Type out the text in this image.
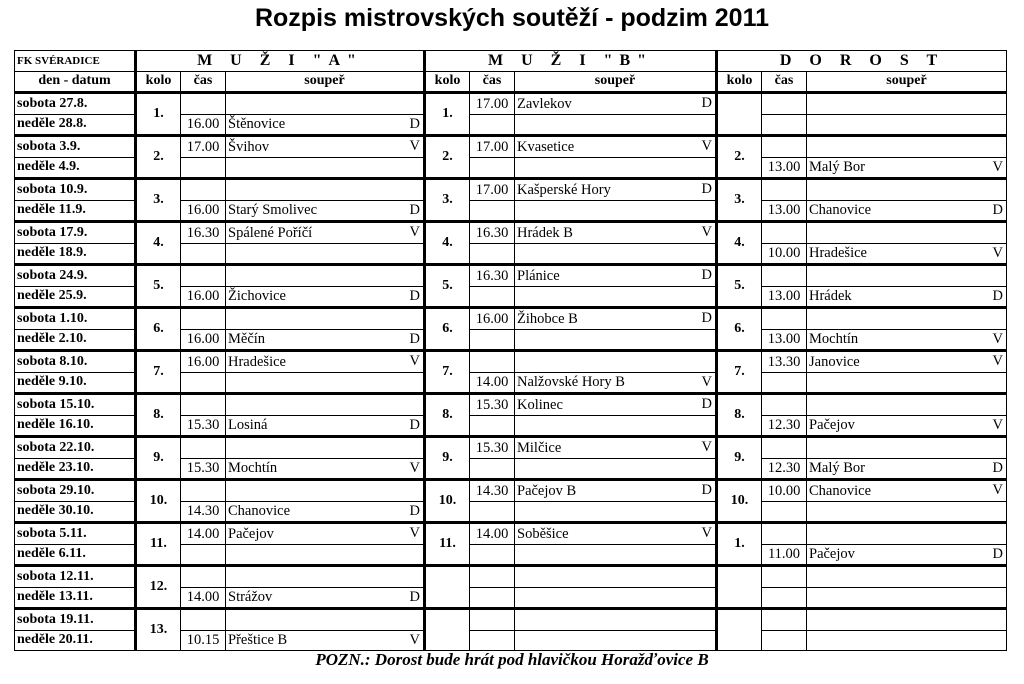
Rozpis mistrovských soutěží - podzim 2011
FK SVÉRADICE	M U Ž I "A"			M U Ž I "B"			D O R O S T		
den - datum	kolo	čas	soupeř	kolo	čas	soupeř	kolo	čas	soupeř
sobota 27.8.	1.			1.	17.00	Zavlekov D			

neděle 28.8.		16.00	Štěnovice D						

sobota 3.9.	2.	17.00	Švihov V	2.	17.00	Kvasetice V	2.		

neděle 4.9.								13.00	Malý Bor V

sobota 10.9.	3.			3.	17.00	Kašperské Hory D	3.		

neděle 11.9.		16.00	Starý Smolivec D					13.00	Chanovice D

sobota 17.9.	4.	16.30	Spálené Poříčí V	4.	16.30	Hrádek B V	4.		

neděle 18.9.								10.00	Hradešice V

sobota 24.9.	5.			5.	16.30	Plánice D	5.		

neděle 25.9.		16.00	Žichovice D					13.00	Hrádek D

sobota 1.10.	6.			6.	16.00	Žihobce B D	6.		

neděle 2.10.		16.00	Měčín D					13.00	Mochtín V

sobota 8.10.	7.	16.00	Hradešice V	7.			7.	13.30	Janovice V

neděle 9.10.					14.00	Nalžovské Hory B V			

sobota 15.10.	8.			8.	15.30	Kolinec D	8.		

neděle 16.10.		15.30	Losiná D					12.30	Pačejov V

sobota 22.10.	9.			9.	15.30	Milčice V	9.		

neděle 23.10.		15.30	Mochtín V					12.30	Malý Bor D

sobota 29.10.	10.			10.	14.30	Pačejov B D	10.	10.00	Chanovice V

neděle 30.10.		14.30	Chanovice D						

sobota 5.11.	11.	14.00	Pačejov V	11.	14.00	Soběšice V	1.		

neděle 6.11.								11.00	Pačejov D

sobota 12.11.	12.		

neděle 13.11.		14.00	Strážov D						

sobota 19.11.	13.		

neděle 20.11.		10.15	Přeštice B V						

POZN.: Dorost bude hrát pod hlavičkou Horažďovice B
